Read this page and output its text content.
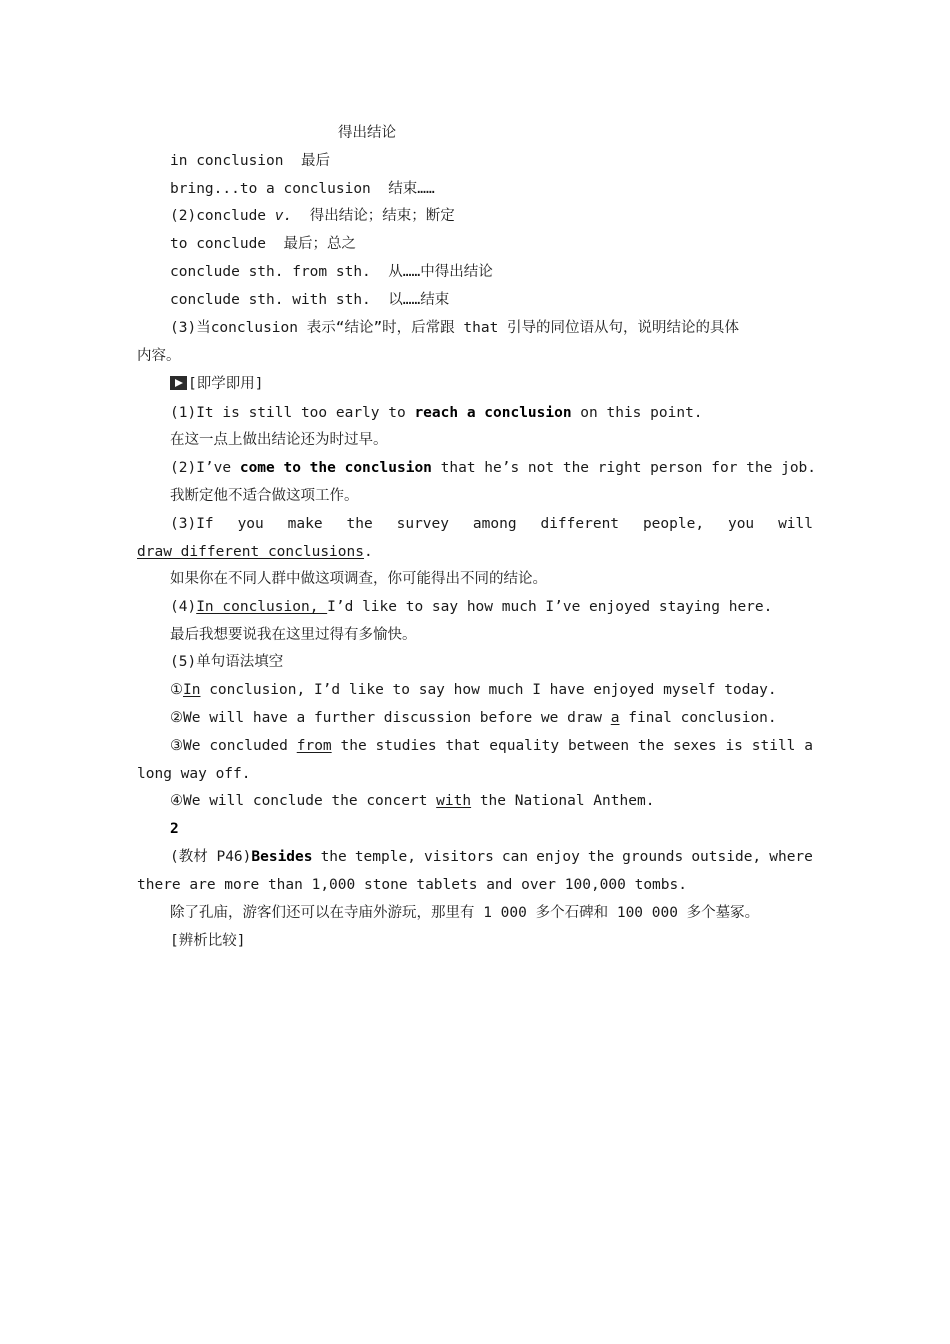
得出结论
in conclusion  最后
bring...to a conclusion  结束……
(2)conclude v.  得出结论；结束；断定
to conclude  最后；总之
conclude sth. from sth.  从……中得出结论
conclude sth. with sth.  以……结束
(3)当conclusion 表示“结论”时，后常跟 that 引导的同位语从句，说明结论的具体
内容。
[即学即用]
(1)It is still too early to reach a conclusion on this point.
在这一点上做出结论还为时过早。
(2)I’ve come to the conclusion that he’s not the right person for the job.
我断定他不适合做这项工作。
(3)If you make the survey among different people, you will
draw different conclusions.
如果你在不同人群中做这项调查，你可能得出不同的结论。
(4)In conclusion, I’d like to say how much I’ve enjoyed staying here.
最后我想要说我在这里过得有多愉快。
(5)单句语法填空
①In conclusion, I’d like to say how much I have enjoyed myself today.
②We will have a further discussion before we draw a final conclusion.
③We concluded from the studies that equality between the sexes is still a
long way off.
④We will conclude the concert with the National Anthem.
2
(教材 P46)Besides the temple, visitors can enjoy the grounds outside, where
there are more than 1,000 stone tablets and over 100,000 tombs.
除了孔庙，游客们还可以在寺庙外游玩，那里有 1 000 多个石碑和 100 000 多个墓冢。
[辨析比较]
